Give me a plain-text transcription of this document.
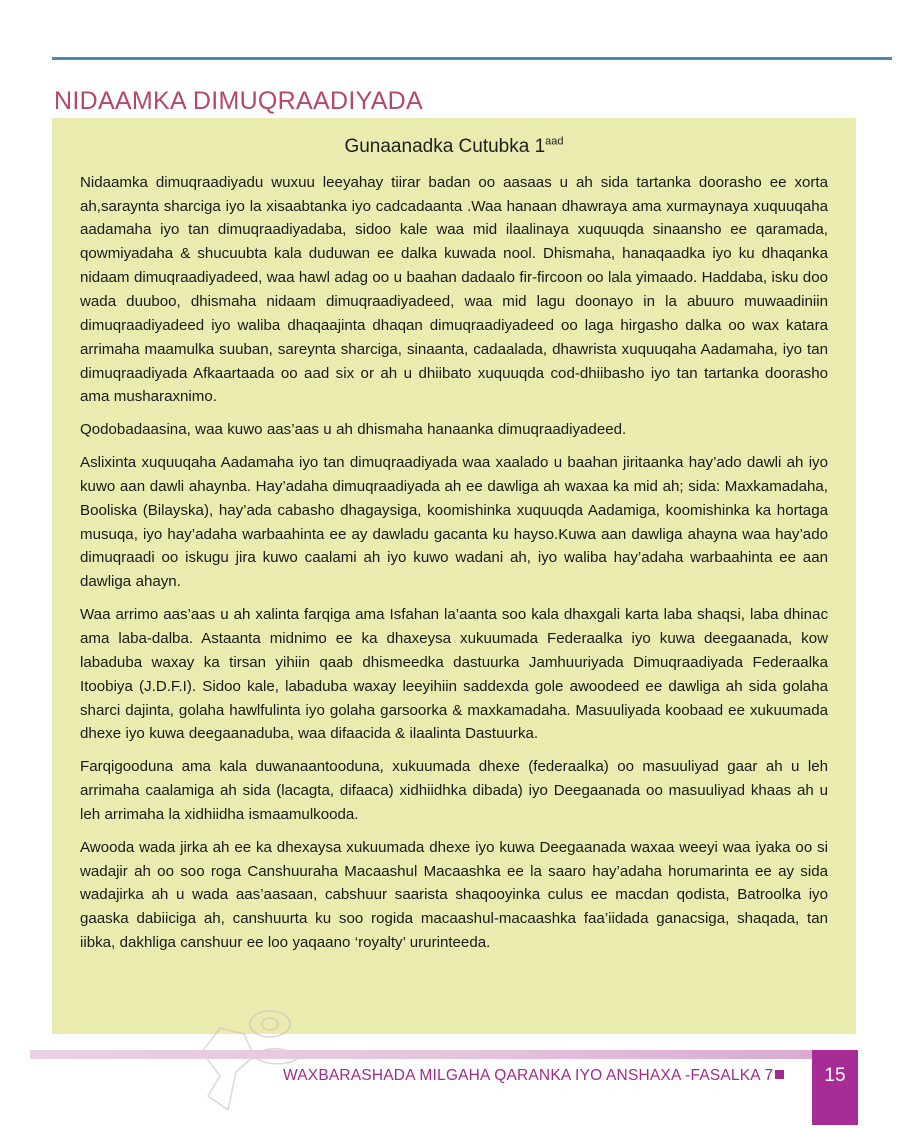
NIDAAMKA DIMUQRAADIYADA
Gunaanadka Cutubka $1^{aad}$

Nidaamka dimuqraadiyadu wuxuu leeyahay tiirar badan oo aasaas u ah sida tartanka doorasho ee xorta ah,saraynta sharciga iyo la xisaabtanka iyo cadcadaanta .Waa hanaan dhawraya ama xurmaynaya xuquuqaha aadamaha iyo tan dimuqraadiyadaba, sidoo kale waa mid ilaalinaya xuquuqda sinaansho ee qaramada, qowmiyadaha & shucuubta kala duduwan ee dalka kuwada nool. Dhismaha, hanaqaadka iyo ku dhaqanka nidaam dimuqraadiyadeed, waa hawl adag oo u baahan dadaalo fir-fircoon oo lala yimaado. Haddaba, isku doo wada duuboo, dhismaha nidaam dimuqraadiyadeed, waa mid lagu doonayo in la abuuro muwaadiniin dimuqraadiyadeed iyo waliba dhaqaajinta dhaqan dimuqraadiyadeed oo laga hirgasho dalka oo wax katara arrimaha maamulka suuban, sareynta sharciga, sinaanta, cadaalada, dhawrista xuquuqaha Aadamaha, iyo tan dimuqraadiyada Afkaartaada oo aad six or ah u dhiibato xuquuqda cod-dhiibasho iyo tan tartanka doorasho ama musharaxnimo.

Qodobadaasina, waa kuwo aas’aas u ah dhismaha hanaanka dimuqraadiyadeed.

Aslixinta xuquuqaha Aadamaha iyo tan dimuqraadiyada waa xaalado u baahan jiritaanka hay’ado dawli ah iyo kuwo aan dawli ahaynba. Hay’adaha dimuqraadiyada ah ee dawliga ah waxaa ka mid ah; sida: Maxkamadaha, Booliska (Bilayska), hay’ada cabasho dhagaysiga, koomishinka xuquuqda Aadamiga, koomishinka ka hortaga musuqa, iyo hay’adaha warbaahinta ee ay dawladu gacanta ku hayso.Kuwa aan dawliga ahayna waa hay’ado dimuqraadi oo iskugu jira kuwo caalami ah iyo kuwo wadani ah, iyo waliba hay’adaha warbaahinta ee aan dawliga ahayn.

Waa arrimo aas’aas u ah xalinta farqiga ama Isfahan la’aanta soo kala dhaxgali karta laba shaqsi, laba dhinac ama laba-dalba. Astaanta midnimo ee ka dhaxeysa xukuumada Federaalka iyo kuwa deegaanada, kow labaduba waxay ka tirsan yihiin qaab dhismeedka dastuurka Jamhuuriyada Dimuqraadiyada Federaalka Itoobiya (J.D.F.I). Sidoo kale, labaduba waxay leeyihiin saddexda gole awoodeed ee dawliga ah sida golaha sharci dajinta, golaha hawlfulinta iyo golaha garsoorka & maxkamadaha. Masuuliyada koobaad ee xukuumada dhexe iyo kuwa deegaanaduba, waa difaacida & ilaalinta Dastuurka.

Farqigooduna ama kala duwanaantooduna, xukuumada dhexe (federaalka) oo masuuliyad gaar ah u leh arrimaha caalamiga ah sida (lacagta, difaaca) xidhiidhka dibada) iyo Deegaanada oo masuuliyad khaas ah u leh arrimaha la xidhiidha ismaamulkooda.

Awooda wada jirka ah ee ka dhexaysa xukuumada dhexe iyo kuwa Deegaanada waxaa weeyi waa iyaka oo si wadajir ah oo soo roga Canshuuraha Macaashul Macaashka ee la saaro hay’adaha horumarinta ee ay sida wadajirka ah u wada aas’aasaan, cabshuur saarista shaqooyinka culus ee macdan qodista, Batroolka iyo gaaska dabiiciga ah, canshuurta ku soo rogida macaashul-macaashka faa’iidada ganacsiga, shaqada, tan iibka, dakhliga canshuur ee loo yaqaano ‘royalty’ ururinteeda.

WAXBARASHADA MILGAHA QARANKA IYO ANSHAXA -FASALKA 7	15
